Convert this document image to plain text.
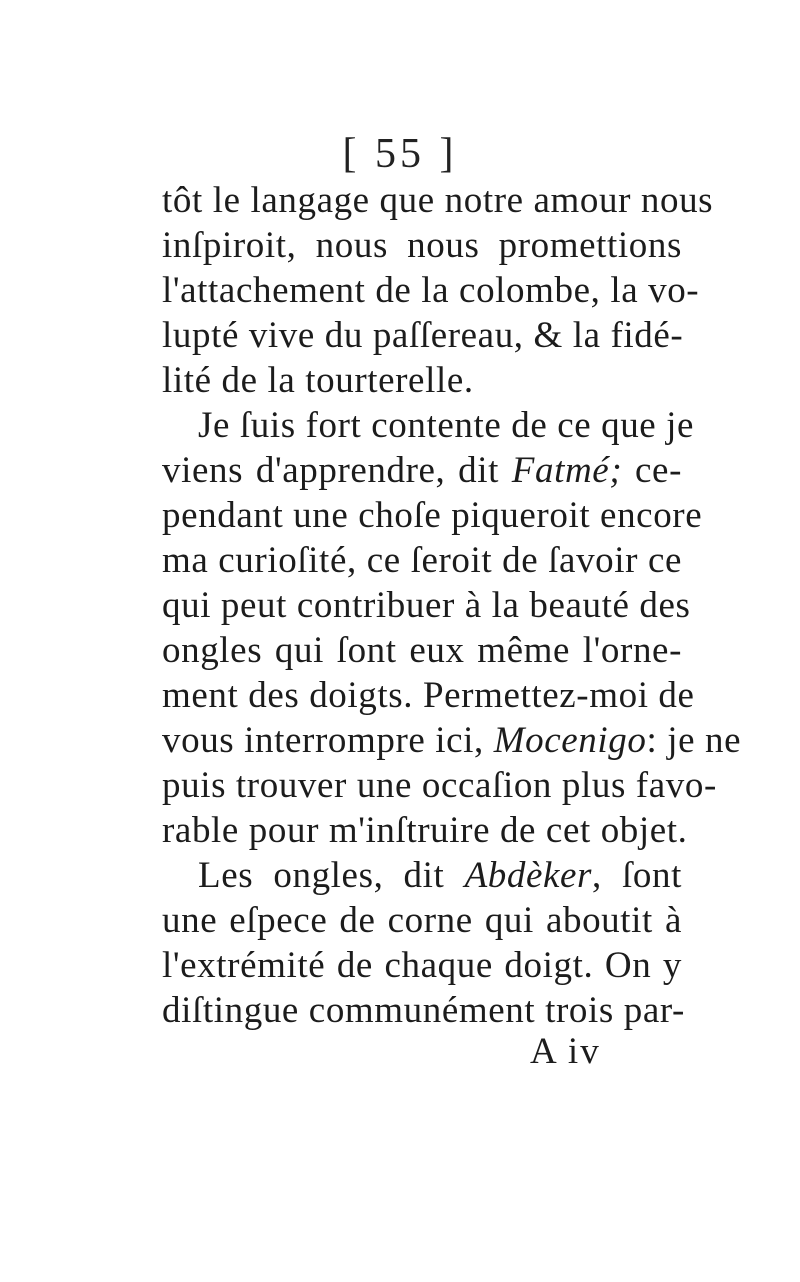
[ 55 ]
tôt le langage que notre amour nous
inſpiroit, nous nous promettions
l'attachement de la colombe, la vo-
lupté vive du paſſereau, & la fidé-
lité de la tourterelle.
Je ſuis fort contente de ce que je
viens d'apprendre, dit Fatmé; ce-
pendant une choſe piqueroit encore
ma curioſité, ce ſeroit de ſavoir ce
qui peut contribuer à la beauté des
ongles qui ſont eux même l'orne-
ment des doigts. Permettez-moi de
vous interrompre ici, Mocenigo: je ne
puis trouver une occaſion plus favo-
rable pour m'inſtruire de cet objet.
Les ongles, dit Abdèker, ſont
une eſpece de corne qui aboutit à
l'extrémité de chaque doigt. On y
diſtingue communément trois par-
A iv
